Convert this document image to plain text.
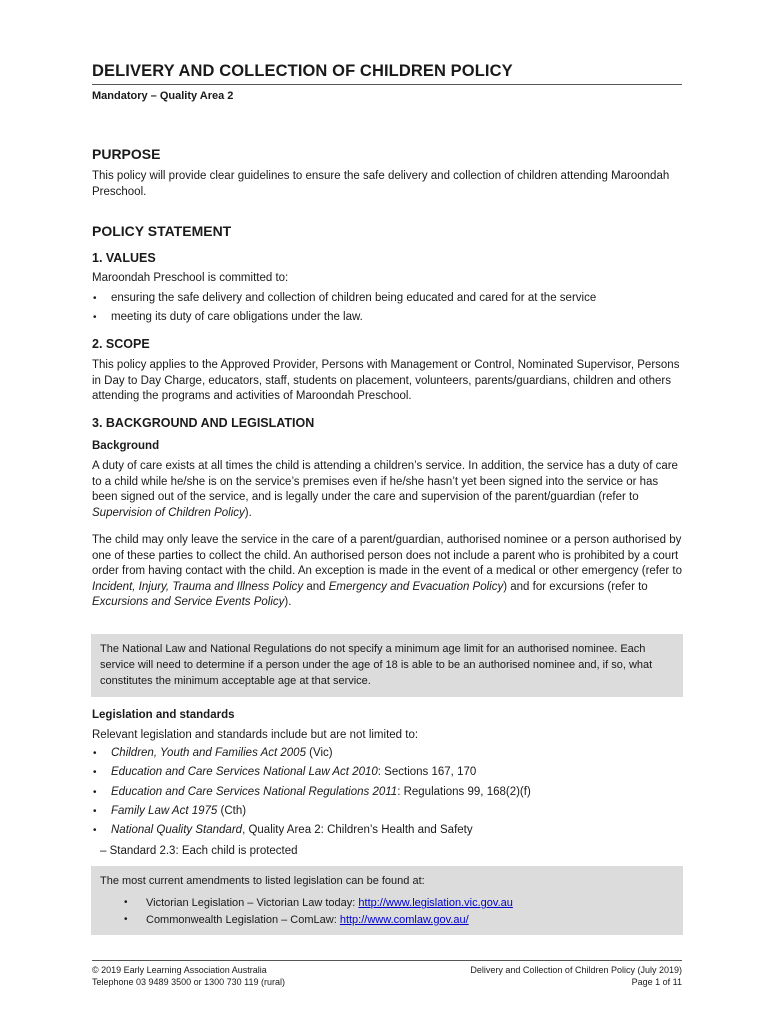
DELIVERY AND COLLECTION OF CHILDREN POLICY
Mandatory – Quality Area 2
PURPOSE
This policy will provide clear guidelines to ensure the safe delivery and collection of children attending Maroondah Preschool.
POLICY STATEMENT
1. VALUES
Maroondah Preschool is committed to:
• ensuring the safe delivery and collection of children being educated and cared for at the service
• meeting its duty of care obligations under the law.
2. SCOPE
This policy applies to the Approved Provider, Persons with Management or Control, Nominated Supervisor, Persons in Day to Day Charge, educators, staff, students on placement, volunteers, parents/guardians, children and others attending the programs and activities of Maroondah Preschool.
3. BACKGROUND AND LEGISLATION
Background
A duty of care exists at all times the child is attending a children’s service. In addition, the service has a duty of care to a child while he/she is on the service’s premises even if he/she hasn’t yet been signed into the service or has been signed out of the service, and is legally under the care and supervision of the parent/guardian (refer to Supervision of Children Policy).
The child may only leave the service in the care of a parent/guardian, authorised nominee or a person authorised by one of these parties to collect the child. An authorised person does not include a parent who is prohibited by a court order from having contact with the child. An exception is made in the event of a medical or other emergency (refer to Incident, Injury, Trauma and Illness Policy and Emergency and Evacuation Policy) and for excursions (refer to Excursions and Service Events Policy).
The National Law and National Regulations do not specify a minimum age limit for an authorised nominee. Each service will need to determine if a person under the age of 18 is able to be an authorised nominee and, if so, what constitutes the minimum acceptable age at that service.
Legislation and standards
Relevant legislation and standards include but are not limited to:
• Children, Youth and Families Act 2005 (Vic)
• Education and Care Services National Law Act 2010: Sections 167, 170
• Education and Care Services National Regulations 2011: Regulations 99, 168(2)(f)
• Family Law Act 1975 (Cth)
• National Quality Standard, Quality Area 2: Children’s Health and Safety
– Standard 2.3: Each child is protected
The most current amendments to listed legislation can be found at:
• Victorian Legislation – Victorian Law today: http://www.legislation.vic.gov.au
• Commonwealth Legislation – ComLaw: http://www.comlaw.gov.au/
© 2019 Early Learning Association Australia
Telephone 03 9489 3500 or 1300 730 119 (rural)
Delivery and Collection of Children Policy (July 2019)
Page 1 of 11
